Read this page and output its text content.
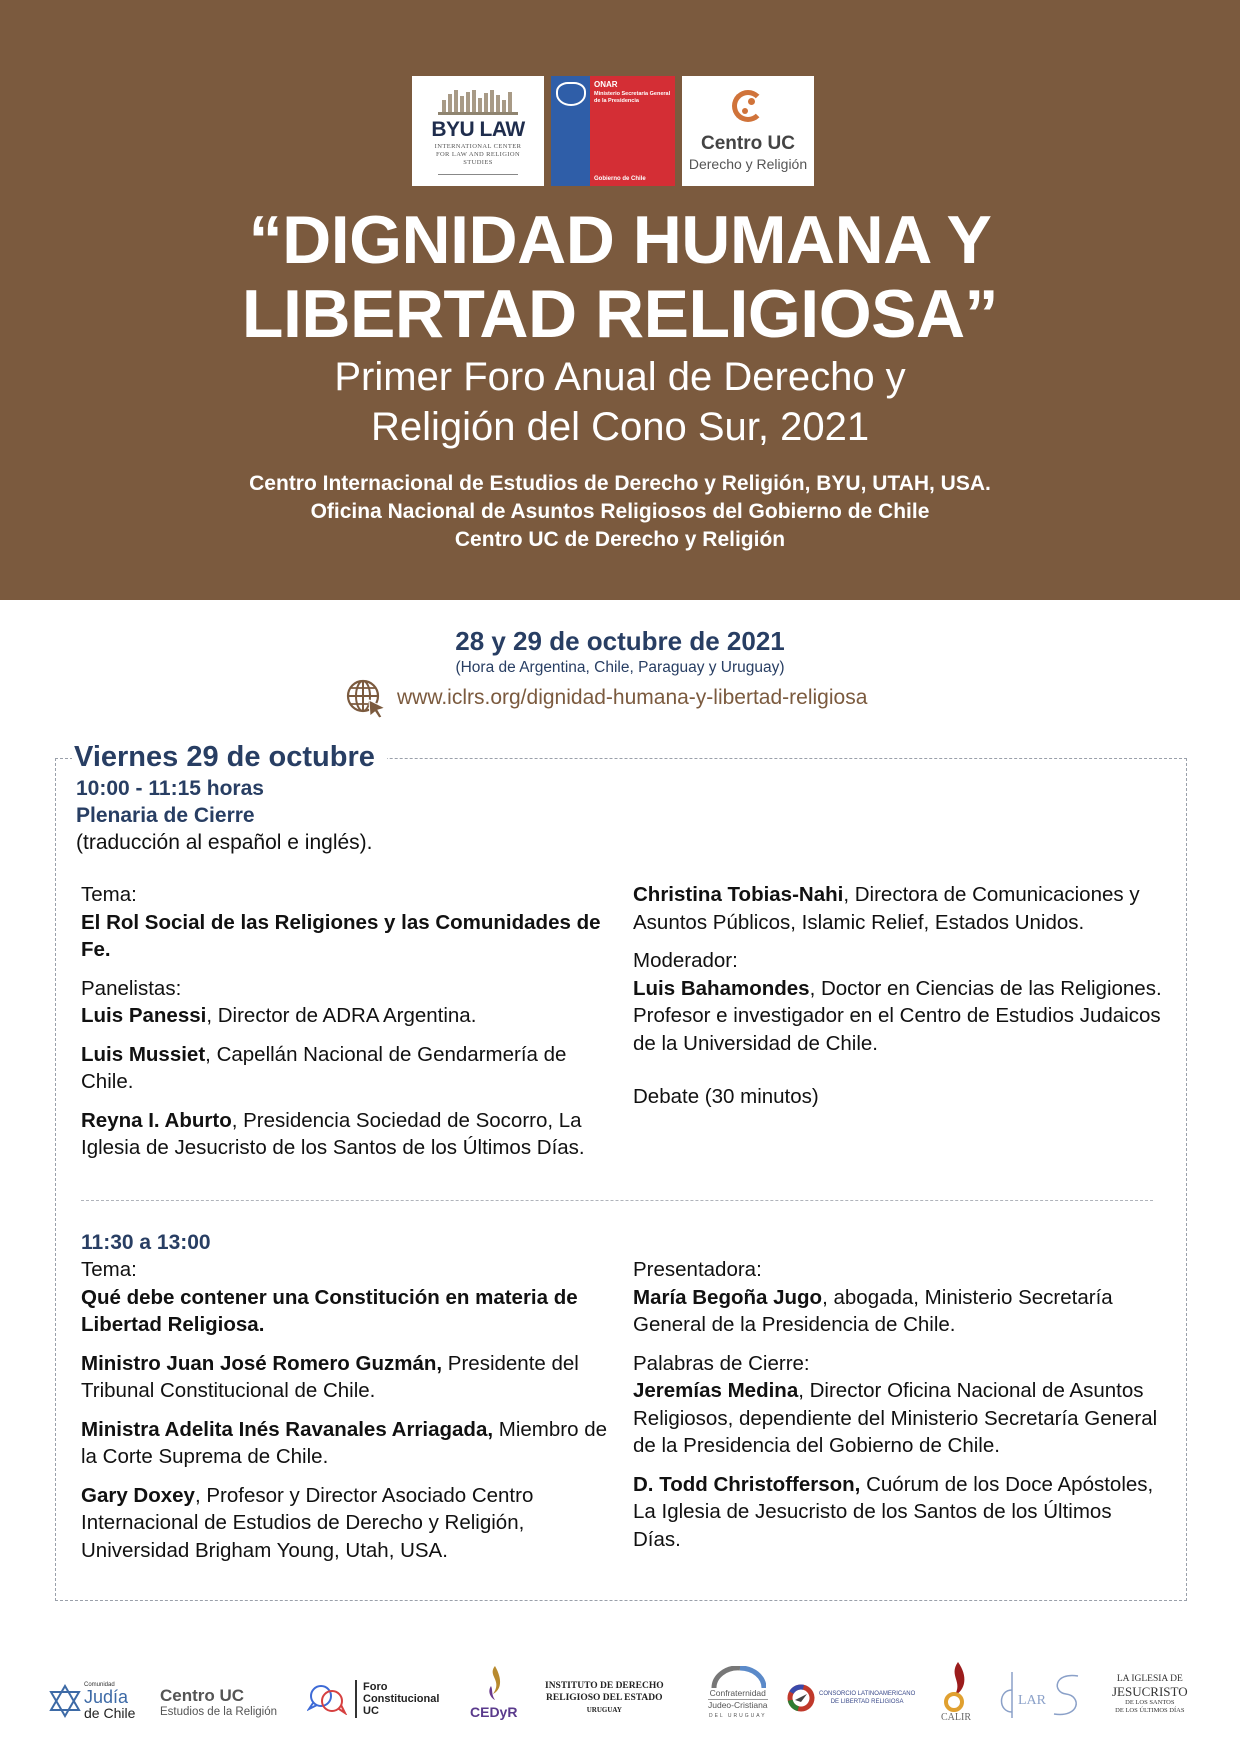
BYU LAW
INTERNATIONAL CENTER FOR LAW AND RELIGION STUDIES
ONAR
Ministerio Secretaría General de la Presidencia
Gobierno de Chile
Centro UC
Derecho y Religión
“DIGNIDAD HUMANA Y
LIBERTAD RELIGIOSA”
Primer Foro Anual de Derecho y
Religión del Cono Sur, 2021
Centro Internacional de Estudios de Derecho y Religión, BYU, UTAH, USA.
Oficina Nacional de Asuntos Religiosos del Gobierno de Chile
Centro UC de Derecho y Religión
28 y 29 de octubre de 2021
(Hora de Argentina, Chile, Paraguay y Uruguay)
www.iclrs.org/dignidad-humana-y-libertad-religiosa
Viernes 29 de octubre
10:00 - 11:15 horas
Plenaria de Cierre
(traducción al español e inglés).

Tema:
El Rol Social de las Religiones y las Comunidades de Fe.

Panelistas:
Luis Panessi, Director de ADRA Argentina.

Luis Mussiet, Capellán Nacional de Gendarmería de Chile.

Reyna I. Aburto, Presidencia Sociedad de Socorro, La Iglesia de Jesucristo de los Santos de los Últimos Días.

Christina Tobias-Nahi, Directora de Comunicaciones y Asuntos Públicos, Islamic Relief, Estados Unidos.

Moderador:
Luis Bahamondes, Doctor en Ciencias de las Religiones. Profesor e investigador en el Centro de Estudios Judaicos de la Universidad de Chile.

Debate (30 minutos)

11:30 a 13:00

Tema:
Qué debe contener una Constitución en materia de Libertad Religiosa.

Ministro Juan José Romero Guzmán, Presidente del Tribunal Constitucional de Chile.

Ministra Adelita Inés Ravanales Arriagada, Miembro de la Corte Suprema de Chile.

Gary Doxey, Profesor y Director Asociado Centro Internacional de Estudios de Derecho y Religión, Universidad Brigham Young, Utah, USA.

Presentadora:
María Begoña Jugo, abogada, Ministerio Secretaría General de la Presidencia de Chile.

Palabras de Cierre:
Jeremías Medina, Director Oficina Nacional de Asuntos Religiosos, dependiente del Ministerio Secretaría General de la Presidencia del Gobierno de Chile.

D. Todd Christofferson, Cuórum de los Doce Apóstoles, La Iglesia de Jesucristo de los Santos de los Últimos Días.

Comunidad
Judía
de Chile
Centro UC
Estudios de la Religión
Foro
Constitucional
UC	CEDyR
INSTITUTO DE DERECHO
RELIGIOSO DEL ESTADO
URUGUAY
Confraternidad
Judeo-Cristiana
DEL URUGUAY
CONSORCIO LATINOAMERICANO
DE LIBERTAD RELIGIOSA
CALIR
LAR
LA IGLESIA DE
JESUCRISTO
DE LOS SANTOS
DE LOS ÚLTIMOS DÍAS
